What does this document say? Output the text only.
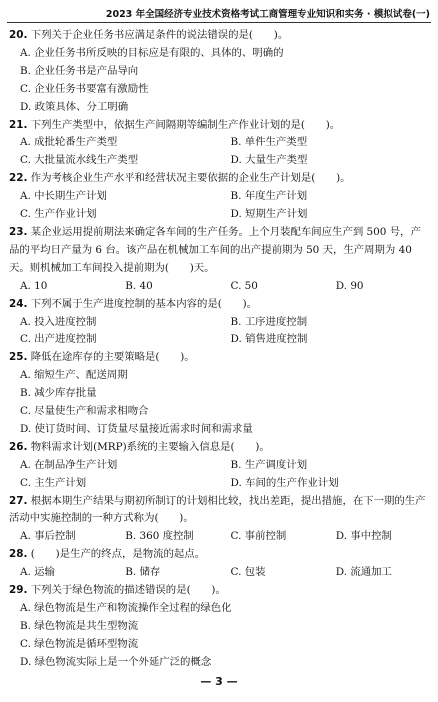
2023 年全国经济专业技术资格考试工商管理专业知识和实务 · 模拟试卷(一)
20. 下列关于企业任务书应满足条件的说法错误的是(　　)。
A. 企业任务书所反映的目标应是有限的、具体的、明确的
B. 企业任务书是产品导向
C. 企业任务书要富有激励性
D. 政策具体、分工明确
21. 下列生产类型中，依据生产间隔期等编制生产作业计划的是(　　)。
A. 成批轮番生产类型	B. 单件生产类型
C. 大批量流水线生产类型	D. 大量生产类型
22. 作为考核企业生产水平和经营状况主要依据的企业生产计划是(　　)。
A. 中长期生产计划	B. 年度生产计划
C. 生产作业计划	D. 短期生产计划
23. 某企业运用提前期法来确定各车间的生产任务。上个月装配车间应生产到 500 号，产品的平均日产量为 6 台。该产品在机械加工车间的出产提前期为 50 天，生产周期为 40 天。则机械加工车间投入提前期为(　　)天。
A. 10	B. 40	C. 50	D. 90
24. 下列不属于生产进度控制的基本内容的是(　　)。
A. 投入进度控制	B. 工序进度控制
C. 出产进度控制	D. 销售进度控制
25. 降低在途库存的主要策略是(　　)。
A. 缩短生产、配送周期
B. 减少库存批量
C. 尽量使生产和需求相吻合
D. 使订货时间、订货量尽量接近需求时间和需求量
26. 物料需求计划(MRP)系统的主要输入信息是(　　)。
A. 在制品净生产计划	B. 生产调度计划
C. 主生产计划	D. 车间的生产作业计划
27. 根据本期生产结果与期初所制订的计划相比较，找出差距，提出措施，在下一期的生产活动中实施控制的一种方式称为(　　)。
A. 事后控制	B. 360 度控制	C. 事前控制	D. 事中控制
28. (　　)是生产的终点，是物流的起点。
A. 运输	B. 储存	C. 包装	D. 流通加工
29. 下列关于绿色物流的描述错误的是(　　)。
A. 绿色物流是生产和物流操作全过程的绿色化
B. 绿色物流是共生型物流
C. 绿色物流是循环型物流
D. 绿色物流实际上是一个外延广泛的概念
— 3 —
